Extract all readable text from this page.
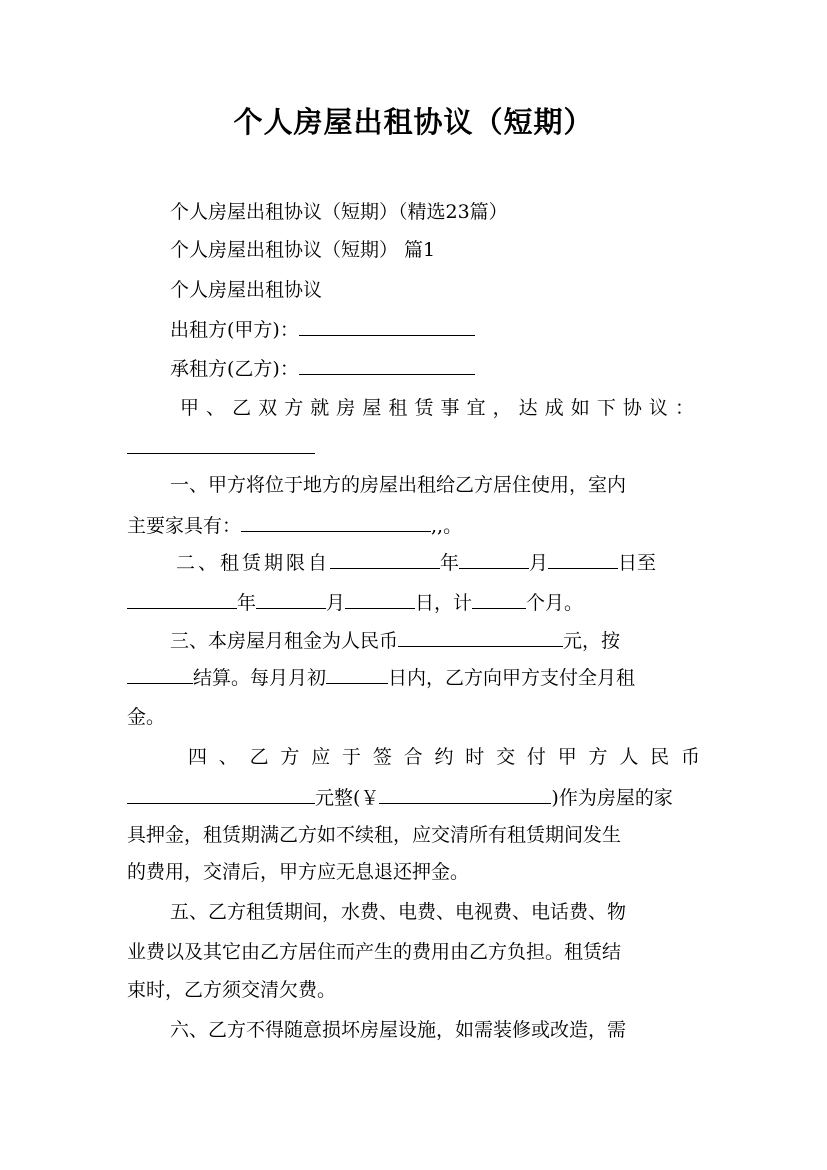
个人房屋出租协议（短期）
个人房屋出租协议（短期）（精选23篇）
个人房屋出租协议（短期） 篇1
个人房屋出租协议
出租方(甲方)：
承租方(乙方)：
甲、乙双方就房屋租赁事宜，达成如下协议：
一、甲方将位于地方的房屋出租给乙方居住使用，室内
主要家具有：	,,。
二、租赁期限自	年	月	日至
年	月	日，计	个月。
三、本房屋月租金为人民币	元，按
结算。每月月初	日内，乙方向甲方支付全月租
金。
四、乙方应于签合约时交付甲方人民币
元整(￥	)作为房屋的家
具押金，租赁期满乙方如不续租，应交清所有租赁期间发生
的费用，交清后，甲方应无息退还押金。
五、乙方租赁期间，水费、电费、电视费、电话费、物
业费以及其它由乙方居住而产生的费用由乙方负担。租赁结
束时，乙方须交清欠费。
六、乙方不得随意损坏房屋设施，如需装修或改造，需
